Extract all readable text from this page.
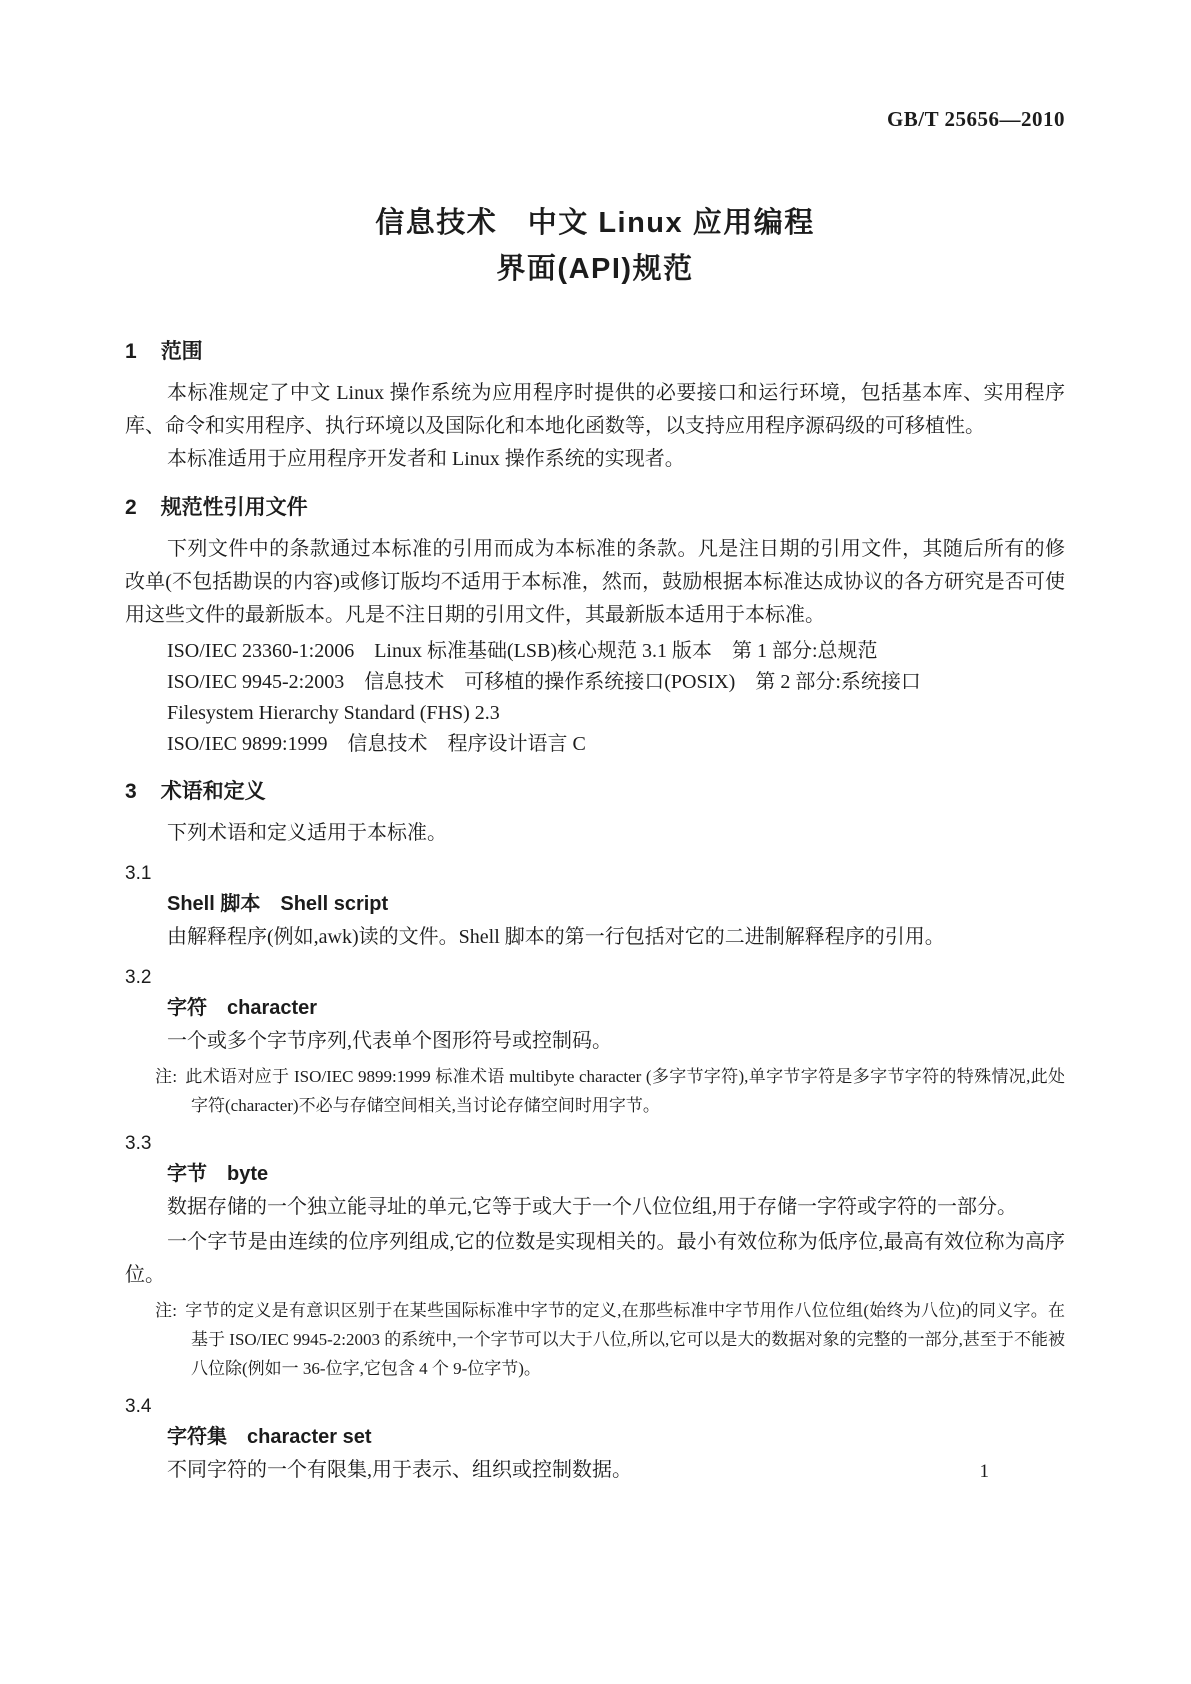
GB/T 25656—2010
信息技术　中文 Linux 应用编程
界面(API)规范
1 范围

本标准规定了中文 Linux 操作系统为应用程序时提供的必要接口和运行环境，包括基本库、实用程序库、命令和实用程序、执行环境以及国际化和本地化函数等，以支持应用程序源码级的可移植性。

本标准适用于应用程序开发者和 Linux 操作系统的实现者。

2 规范性引用文件

下列文件中的条款通过本标准的引用而成为本标准的条款。凡是注日期的引用文件，其随后所有的修改单(不包括勘误的内容)或修订版均不适用于本标准，然而，鼓励根据本标准达成协议的各方研究是否可使用这些文件的最新版本。凡是不注日期的引用文件，其最新版本适用于本标准。

ISO/IEC 23360-1:2006　Linux 标准基础(LSB)核心规范 3.1 版本　第 1 部分:总规范

ISO/IEC 9945-2:2003　信息技术　可移植的操作系统接口(POSIX)　第 2 部分:系统接口

Filesystem Hierarchy Standard (FHS) 2.3

ISO/IEC 9899:1999　信息技术　程序设计语言 C

3 术语和定义

下列术语和定义适用于本标准。

3.1
Shell 脚本　Shell script

由解释程序(例如,awk)读的文件。Shell 脚本的第一行包括对它的二进制解释程序的引用。

3.2
字符　character

一个或多个字节序列,代表单个图形符号或控制码。

注: 此术语对应于 ISO/IEC 9899:1999 标准术语 multibyte character (多字节字符),单字节字符是多字节字符的特殊情况,此处字符(character)不必与存储空间相关,当讨论存储空间时用字节。

3.3
字节　byte

数据存储的一个独立能寻址的单元,它等于或大于一个八位位组,用于存储一字符或字符的一部分。

一个字节是由连续的位序列组成,它的位数是实现相关的。最小有效位称为低序位,最高有效位称为高序位。

注: 字节的定义是有意识区别于在某些国际标准中字节的定义,在那些标准中字节用作八位位组(始终为八位)的同义字。在基于 ISO/IEC 9945-2:2003 的系统中,一个字节可以大于八位,所以,它可以是大的数据对象的完整的一部分,甚至于不能被八位除(例如一 36-位字,它包含 4 个 9-位字节)。

3.4
字符集　character set

不同字符的一个有限集,用于表示、组织或控制数据。	1
